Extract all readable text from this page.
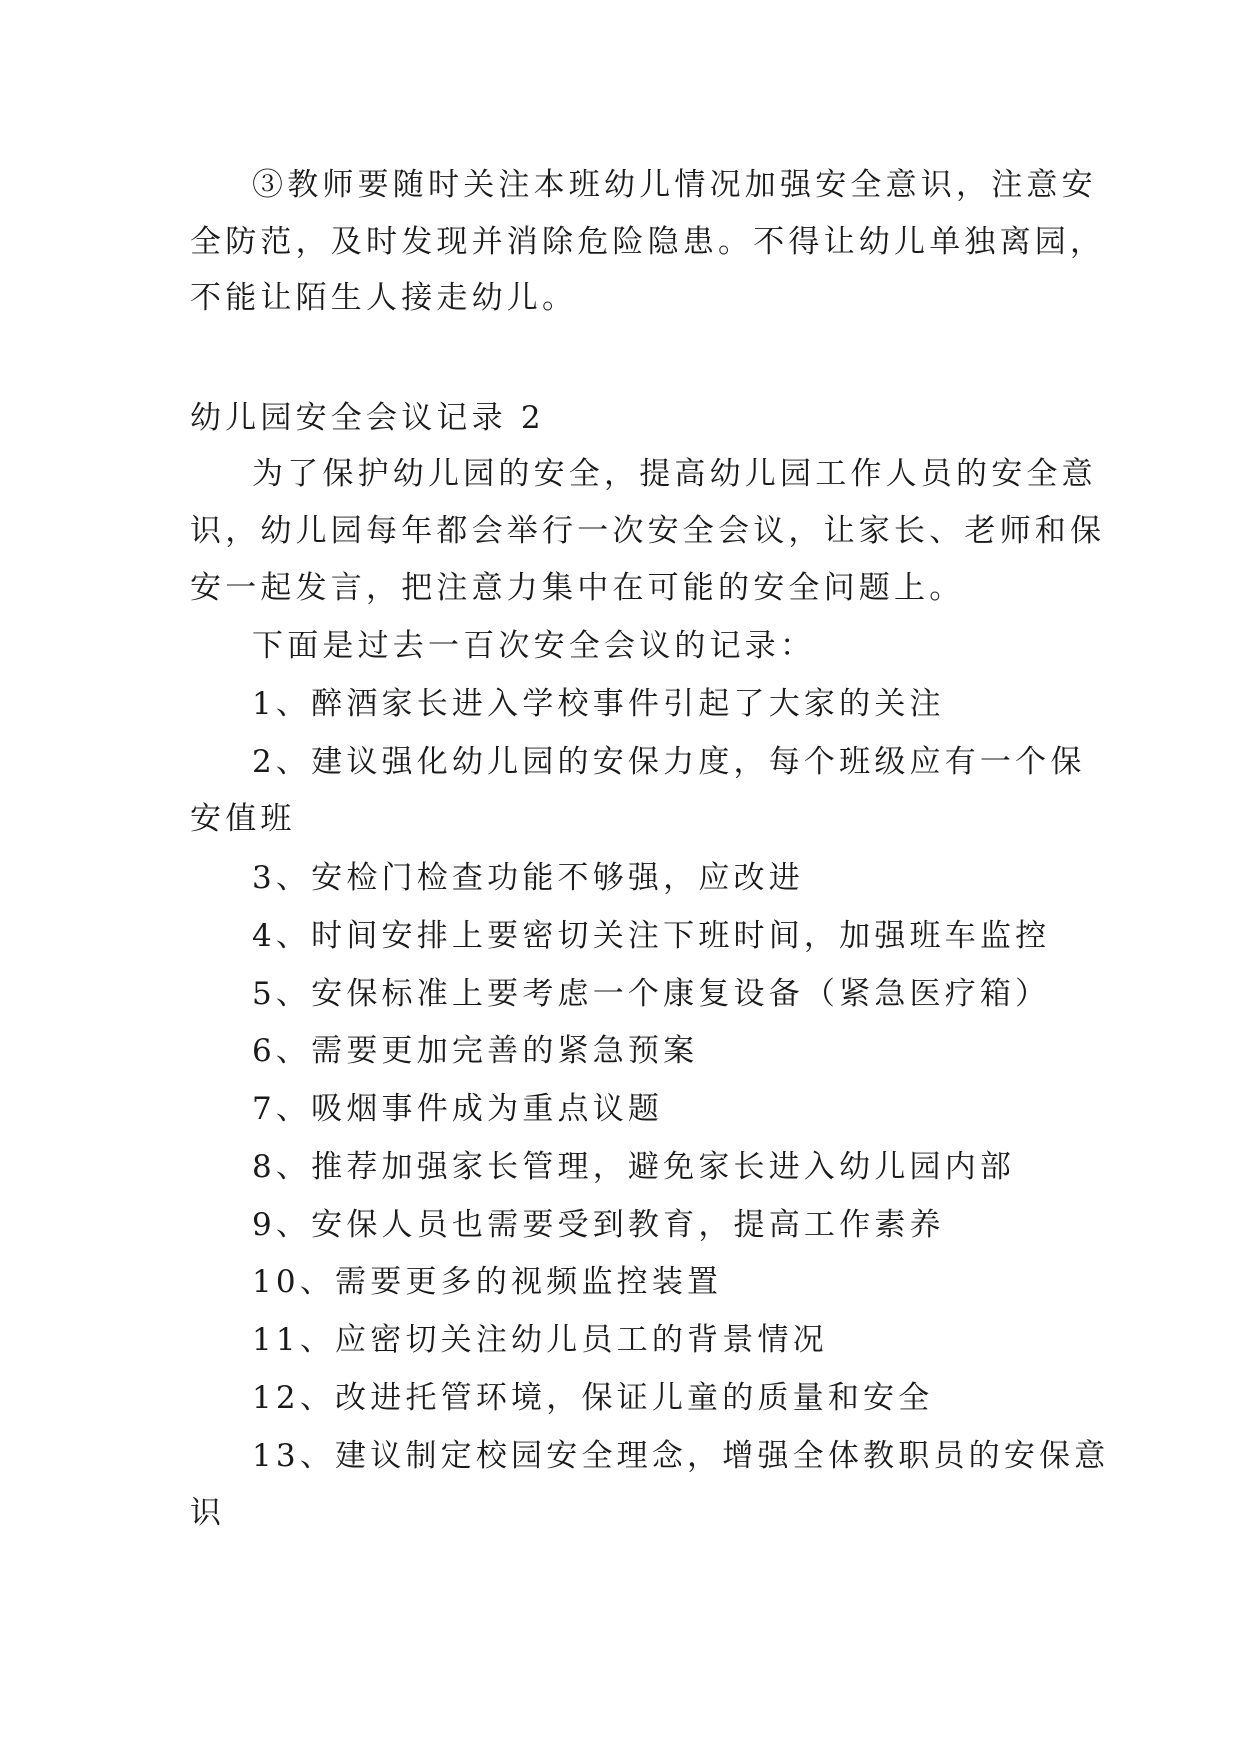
③教师要随时关注本班幼儿情况加强安全意识，注意安
全防范，及时发现并消除危险隐患。不得让幼儿单独离园，
不能让陌生人接走幼儿。
幼儿园安全会议记录 2
为了保护幼儿园的安全，提高幼儿园工作人员的安全意
识，幼儿园每年都会举行一次安全会议，让家长、老师和保
安一起发言，把注意力集中在可能的安全问题上。
下面是过去一百次安全会议的记录：
1、醉酒家长进入学校事件引起了大家的关注
2、建议强化幼儿园的安保力度，每个班级应有一个保
安值班
3、安检门检查功能不够强，应改进
4、时间安排上要密切关注下班时间，加强班车监控
5、安保标准上要考虑一个康复设备（紧急医疗箱）
6、需要更加完善的紧急预案
7、吸烟事件成为重点议题
8、推荐加强家长管理，避免家长进入幼儿园内部
9、安保人员也需要受到教育，提高工作素养
10、需要更多的视频监控装置
11、应密切关注幼儿员工的背景情况
12、改进托管环境，保证儿童的质量和安全
13、建议制定校园安全理念，增强全体教职员的安保意
识
